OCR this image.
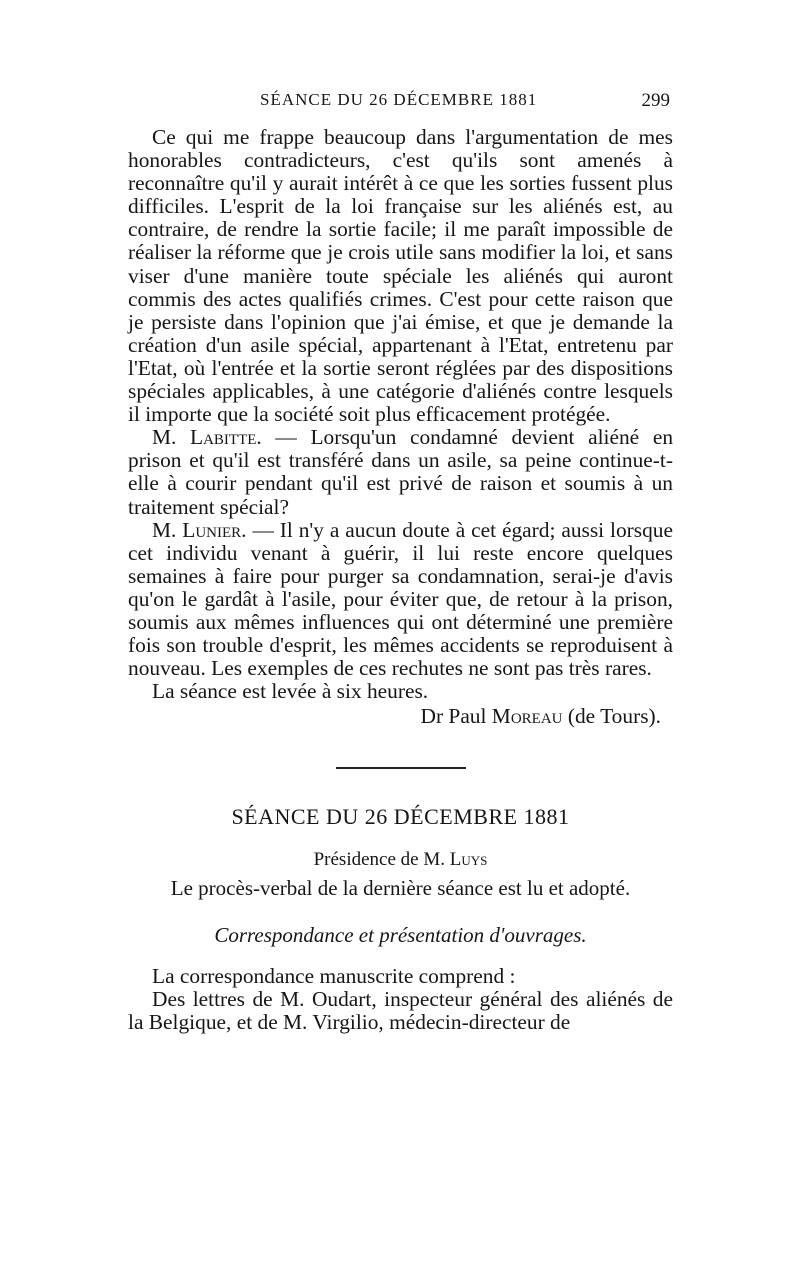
SÉANCE DU 26 DÉCEMBRE 1881	299

Ce qui me frappe beaucoup dans l'argumentation de mes honorables contradicteurs, c'est qu'ils sont amenés à reconnaître qu'il y aurait intérêt à ce que les sorties fussent plus difficiles. L'esprit de la loi française sur les aliénés est, au contraire, de rendre la sortie facile; il me paraît impossible de réaliser la réforme que je crois utile sans modifier la loi, et sans viser d'une manière toute spéciale les aliénés qui auront commis des actes qualifiés crimes. C'est pour cette raison que je persiste dans l'opinion que j'ai émise, et que je demande la création d'un asile spécial, appartenant à l'Etat, entretenu par l'Etat, où l'entrée et la sortie seront réglées par des dispositions spéciales applicables, à une catégorie d'aliénés contre lesquels il importe que la société soit plus efficacement protégée.

M. Labitte. — Lorsqu'un condamné devient aliéné en prison et qu'il est transféré dans un asile, sa peine continue-t-elle à courir pendant qu'il est privé de raison et soumis à un traitement spécial?

M. Lunier. — Il n'y a aucun doute à cet égard; aussi lorsque cet individu venant à guérir, il lui reste encore quelques semaines à faire pour purger sa condamnation, serai-je d'avis qu'on le gardât à l'asile, pour éviter que, de retour à la prison, soumis aux mêmes influences qui ont déterminé une première fois son trouble d'esprit, les mêmes accidents se reproduisent à nouveau. Les exemples de ces rechutes ne sont pas très rares.

La séance est levée à six heures.

Dr Paul Moreau (de Tours).
SÉANCE DU 26 DÉCEMBRE 1881
Présidence de M. Luys
Le procès-verbal de la dernière séance est lu et adopté.
Correspondance et présentation d'ouvrages.

La correspondance manuscrite comprend :

Des lettres de M. Oudart, inspecteur général des aliénés de la Belgique, et de M. Virgilio, médecin-directeur de
